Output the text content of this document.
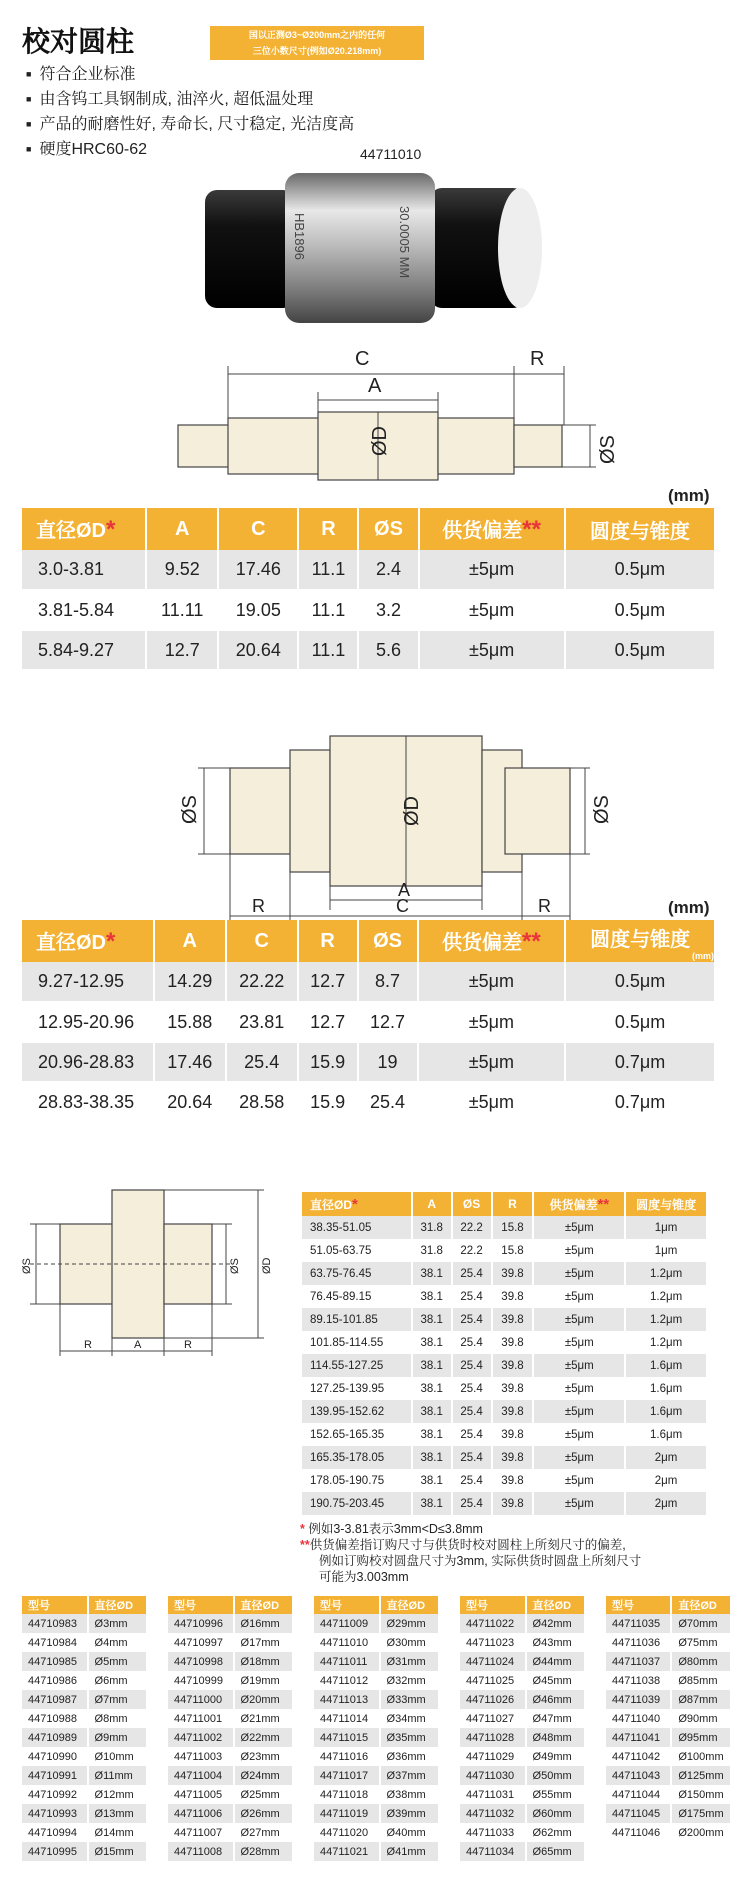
校对圆柱	国以正测Ø3~Ø200mm之内的任何
三位小数尺寸(例如Ø20.218mm)
■ 符合企业标准
■ 由含钨工具钢制成, 油淬火, 超低温处理
■ 产品的耐磨性好, 寿命长, 尺寸稳定, 光洁度高
■ 硬度HRC60-62	44711010
HB1896	30.0005 MM
C	R
A
ØD	ØS
(mm)
直径ØD*	A	C	R	ØS	供货偏差**	圆度与锥度
3.0-3.81	9.52	17.46	11.1	2.4	±5μm	0.5μm
3.81-5.84	11.11	19.05	11.1	3.2	±5μm	0.5μm
5.84-9.27	12.7	20.64	11.1	5.6	±5μm	0.5μm
ØS	ØD	ØS
A
R	C	R	(mm)
直径ØD*	A	C	R	ØS	供货偏差**	圆度与锥度
(mm)

9.27-12.95	14.29	22.22	12.7	8.7	±5μm	0.5μm
12.95-20.96	15.88	23.81	12.7	12.7	±5μm	0.5μm
20.96-28.83	17.46	25.4	15.9	19	±5μm	0.7μm
28.83-38.35	20.64	28.58	15.9	25.4	±5μm	0.7μm
ØS	ØS ØD
R	A	R
直径ØD*	A	ØS	R	供货偏差**	圆度与锥度
38.35-51.05	31.8	22.2	15.8	±5μm	1μm
51.05-63.75	31.8	22.2	15.8	±5μm	1μm
63.75-76.45	38.1	25.4	39.8	±5μm	1.2μm
76.45-89.15	38.1	25.4	39.8	±5μm	1.2μm
89.15-101.85	38.1	25.4	39.8	±5μm	1.2μm
101.85-114.55	38.1	25.4	39.8	±5μm	1.2μm
114.55-127.25	38.1	25.4	39.8	±5μm	1.6μm
127.25-139.95	38.1	25.4	39.8	±5μm	1.6μm
139.95-152.62	38.1	25.4	39.8	±5μm	1.6μm
152.65-165.35	38.1	25.4	39.8	±5μm	1.6μm
165.35-178.05	38.1	25.4	39.8	±5μm	2μm
178.05-190.75	38.1	25.4	39.8	±5μm	2μm
190.75-203.45	38.1	25.4	39.8	±5μm	2μm

* 例如3-3.81表示3mm<D≤3.8mm

**供货偏差指订购尺寸与供货时校对圆柱上所刻尺寸的偏差,

例如订购校对圆盘尺寸为3mm, 实际供货时圆盘上所刻尺寸

可能为3.003mm

型号	直径ØD
44710983	Ø3mm
44710984	Ø4mm
44710985	Ø5mm
44710986	Ø6mm
44710987	Ø7mm
44710988	Ø8mm
44710989	Ø9mm
44710990	Ø10mm
44710991	Ø11mm
44710992	Ø12mm
44710993	Ø13mm
44710994	Ø14mm
44710995	Ø15mm
型号	直径ØD
44710996	Ø16mm
44710997	Ø17mm
44710998	Ø18mm
44710999	Ø19mm
44711000	Ø20mm
44711001	Ø21mm
44711002	Ø22mm
44711003	Ø23mm
44711004	Ø24mm
44711005	Ø25mm
44711006	Ø26mm
44711007	Ø27mm
44711008	Ø28mm
型号	直径ØD
44711009	Ø29mm
44711010	Ø30mm
44711011	Ø31mm
44711012	Ø32mm
44711013	Ø33mm
44711014	Ø34mm
44711015	Ø35mm
44711016	Ø36mm
44711017	Ø37mm
44711018	Ø38mm
44711019	Ø39mm
44711020	Ø40mm
44711021	Ø41mm
型号	直径ØD
44711022	Ø42mm
44711023	Ø43mm
44711024	Ø44mm
44711025	Ø45mm
44711026	Ø46mm
44711027	Ø47mm
44711028	Ø48mm
44711029	Ø49mm
44711030	Ø50mm
44711031	Ø55mm
44711032	Ø60mm
44711033	Ø62mm
44711034	Ø65mm
型号	直径ØD
44711035	Ø70mm
44711036	Ø75mm
44711037	Ø80mm
44711038	Ø85mm
44711039	Ø87mm
44711040	Ø90mm
44711041	Ø95mm
44711042	Ø100mm
44711043	Ø125mm
44711044	Ø150mm
44711045	Ø175mm
44711046	Ø200mm
